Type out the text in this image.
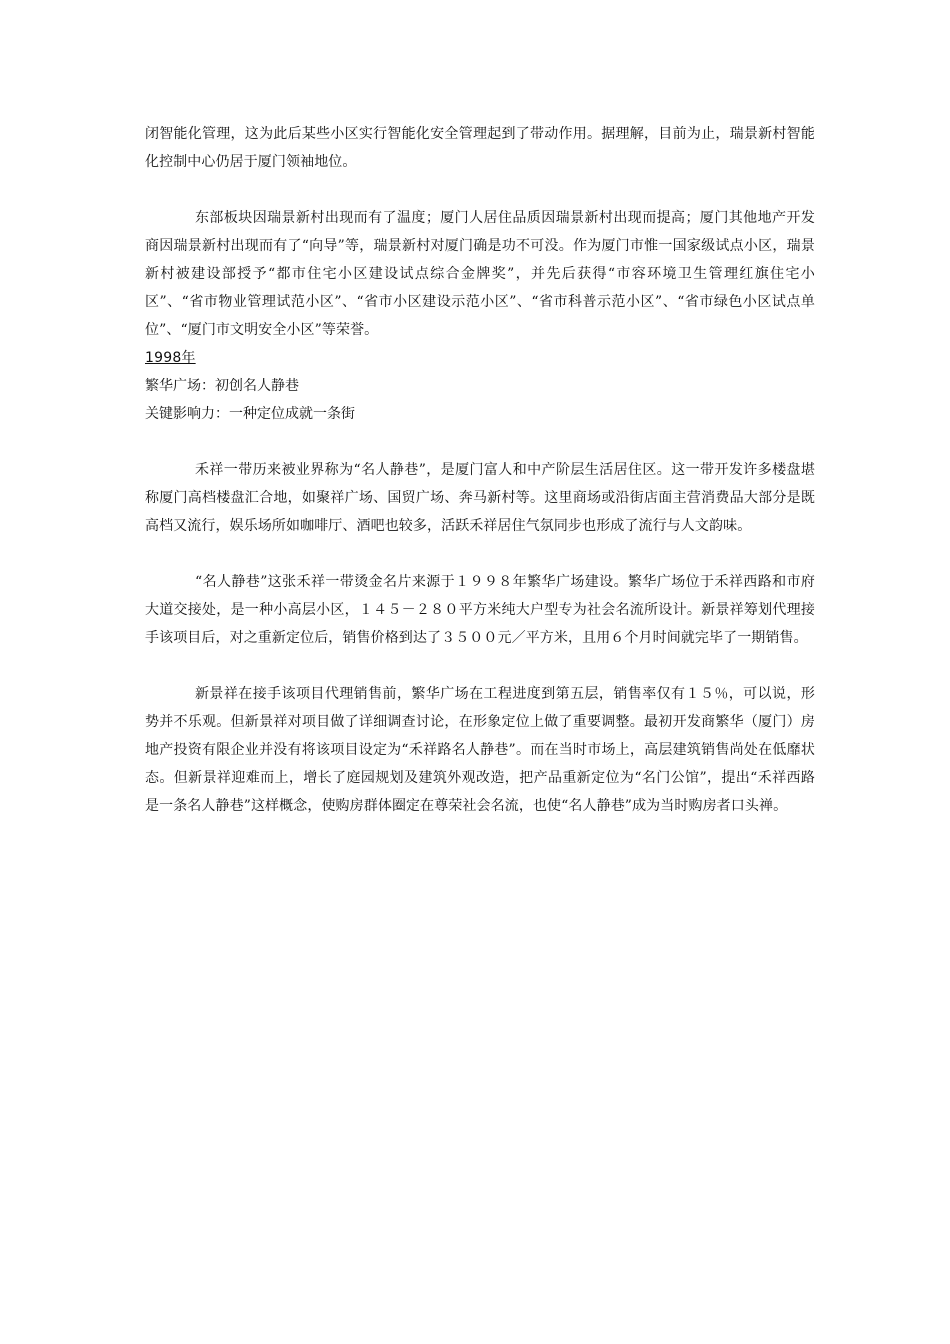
闭智能化管理，这为此后某些小区实行智能化安全管理起到了带动作用。据理解，目前为止，瑞景新村智能化控制中心仍居于厦门领袖地位。

东部板块因瑞景新村出现而有了温度；厦门人居住品质因瑞景新村出现而提高；厦门其他地产开发商因瑞景新村出现而有了“向导”等，瑞景新村对厦门确是功不可没。作为厦门市惟一国家级试点小区，瑞景新村被建设部授予“都市住宅小区建设试点综合金牌奖”，并先后获得“市容环境卫生管理红旗住宅小区”、“省市物业管理试范小区”、“省市小区建设示范小区”、“省市科普示范小区”、“省市绿色小区试点单位”、“厦门市文明安全小区”等荣誉。

1998年

繁华广场：初创名人静巷

关键影响力：一种定位成就一条街

禾祥一带历来被业界称为“名人静巷”，是厦门富人和中产阶层生活居住区。这一带开发许多楼盘堪称厦门高档楼盘汇合地，如聚祥广场、国贸广场、奔马新村等。这里商场或沿街店面主营消费品大部分是既高档又流行，娱乐场所如咖啡厅、酒吧也较多，活跃禾祥居住气氛同步也形成了流行与人文韵味。

“名人静巷”这张禾祥一带烫金名片来源于１９９８年繁华广场建设。繁华广场位于禾祥西路和市府大道交接处，是一种小高层小区，１４５－２８０平方米纯大户型专为社会名流所设计。新景祥筹划代理接手该项目后，对之重新定位后，销售价格到达了３５００元／平方米，且用６个月时间就完毕了一期销售。

新景祥在接手该项目代理销售前，繁华广场在工程进度到第五层，销售率仅有１５％，可以说，形势并不乐观。但新景祥对项目做了详细调查讨论，在形象定位上做了重要调整。最初开发商繁华（厦门）房地产投资有限企业并没有将该项目设定为“禾祥路名人静巷”。而在当时市场上，高层建筑销售尚处在低靡状态。但新景祥迎难而上，增长了庭园规划及建筑外观改造，把产品重新定位为“名门公馆”，提出“禾祥西路是一条名人静巷”这样概念，使购房群体圈定在尊荣社会名流，也使“名人静巷”成为当时购房者口头禅。
